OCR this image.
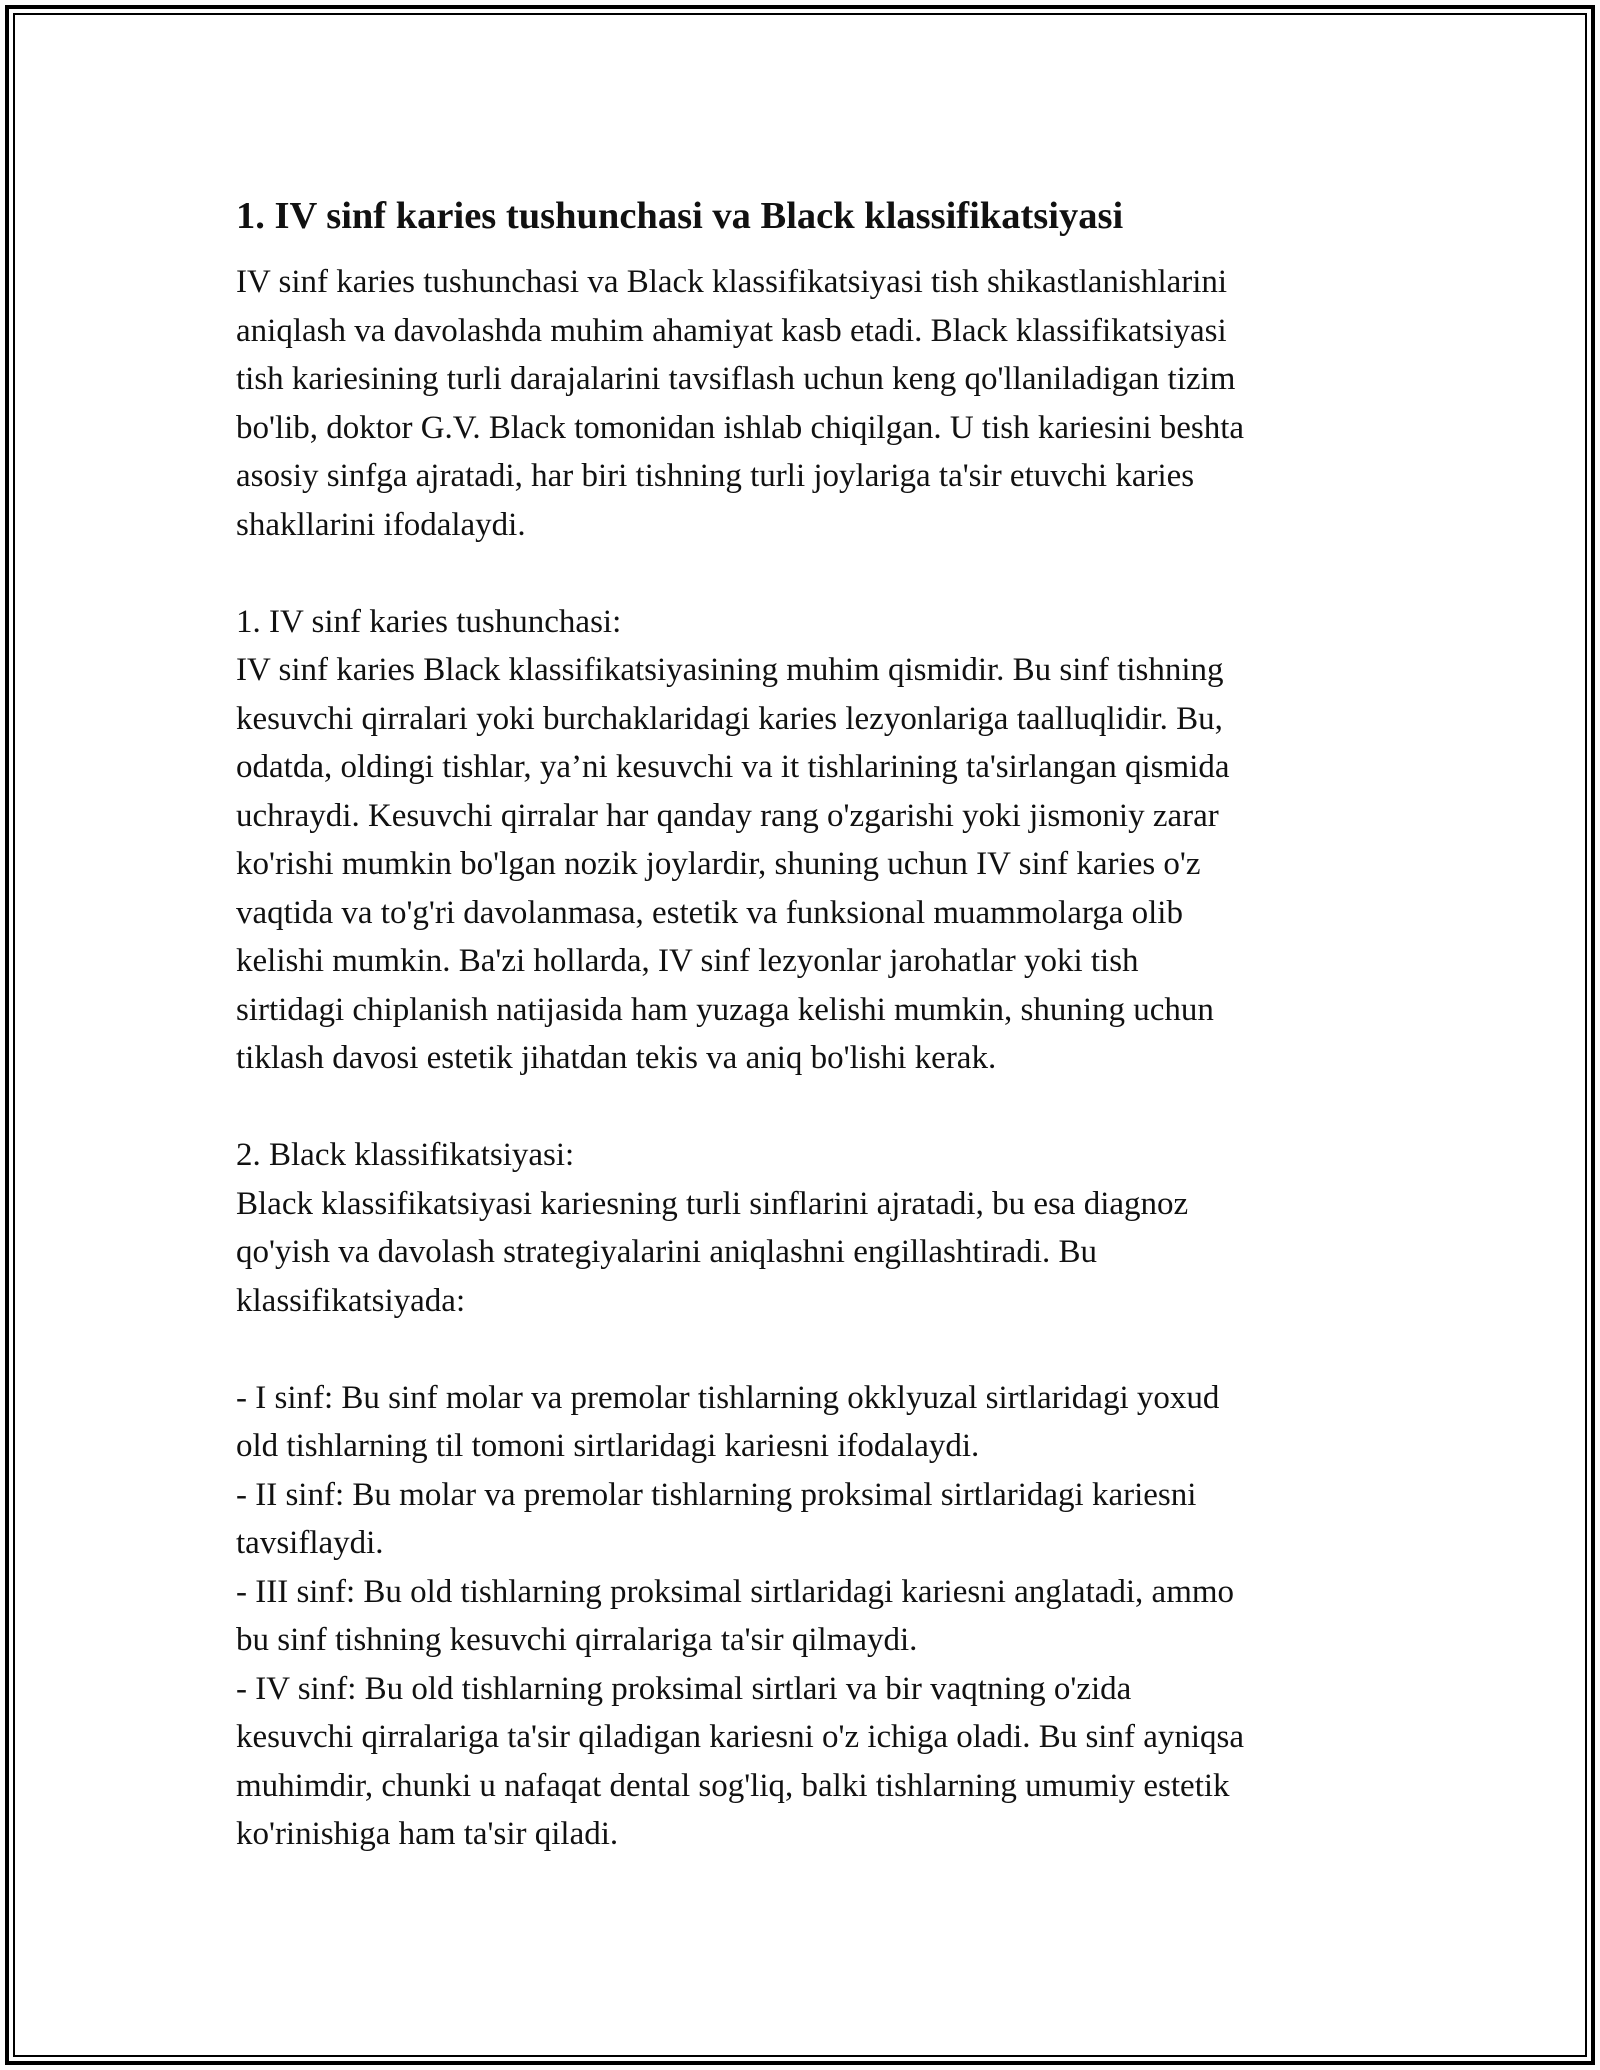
1. IV sinf karies tushunchasi va Black klassifikatsiyasi
IV sinf karies tushunchasi va Black klassifikatsiyasi tish shikastlanishlarini
aniqlash va davolashda muhim ahamiyat kasb etadi. Black klassifikatsiyasi
tish kariesining turli darajalarini tavsiflash uchun keng qo'llaniladigan tizim
bo'lib, doktor G.V. Black tomonidan ishlab chiqilgan. U tish kariesini beshta
asosiy sinfga ajratadi, har biri tishning turli joylariga ta'sir etuvchi karies
shakllarini ifodalaydi.
1. IV sinf karies tushunchasi:
IV sinf karies Black klassifikatsiyasining muhim qismidir. Bu sinf tishning
kesuvchi qirralari yoki burchaklaridagi karies lezyonlariga taalluqlidir. Bu,
odatda, oldingi tishlar, ya’ni kesuvchi va it tishlarining ta'sirlangan qismida
uchraydi. Kesuvchi qirralar har qanday rang o'zgarishi yoki jismoniy zarar
ko'rishi mumkin bo'lgan nozik joylardir, shuning uchun IV sinf karies o'z
vaqtida va to'g'ri davolanmasa, estetik va funksional muammolarga olib
kelishi mumkin. Ba'zi hollarda, IV sinf lezyonlar jarohatlar yoki tish
sirtidagi chiplanish natijasida ham yuzaga kelishi mumkin, shuning uchun
tiklash davosi estetik jihatdan tekis va aniq bo'lishi kerak.
2. Black klassifikatsiyasi:
Black klassifikatsiyasi kariesning turli sinflarini ajratadi, bu esa diagnoz
qo'yish va davolash strategiyalarini aniqlashni engillashtiradi. Bu
klassifikatsiyada:
- I sinf: Bu sinf molar va premolar tishlarning okklyuzal sirtlaridagi yoxud
old tishlarning til tomoni sirtlaridagi kariesni ifodalaydi.
- II sinf: Bu molar va premolar tishlarning proksimal sirtlaridagi kariesni
tavsiflaydi.
- III sinf: Bu old tishlarning proksimal sirtlaridagi kariesni anglatadi, ammo
bu sinf tishning kesuvchi qirralariga ta'sir qilmaydi.
- IV sinf: Bu old tishlarning proksimal sirtlari va bir vaqtning o'zida
kesuvchi qirralariga ta'sir qiladigan kariesni o'z ichiga oladi. Bu sinf ayniqsa
muhimdir, chunki u nafaqat dental sog'liq, balki tishlarning umumiy estetik
ko'rinishiga ham ta'sir qiladi.
